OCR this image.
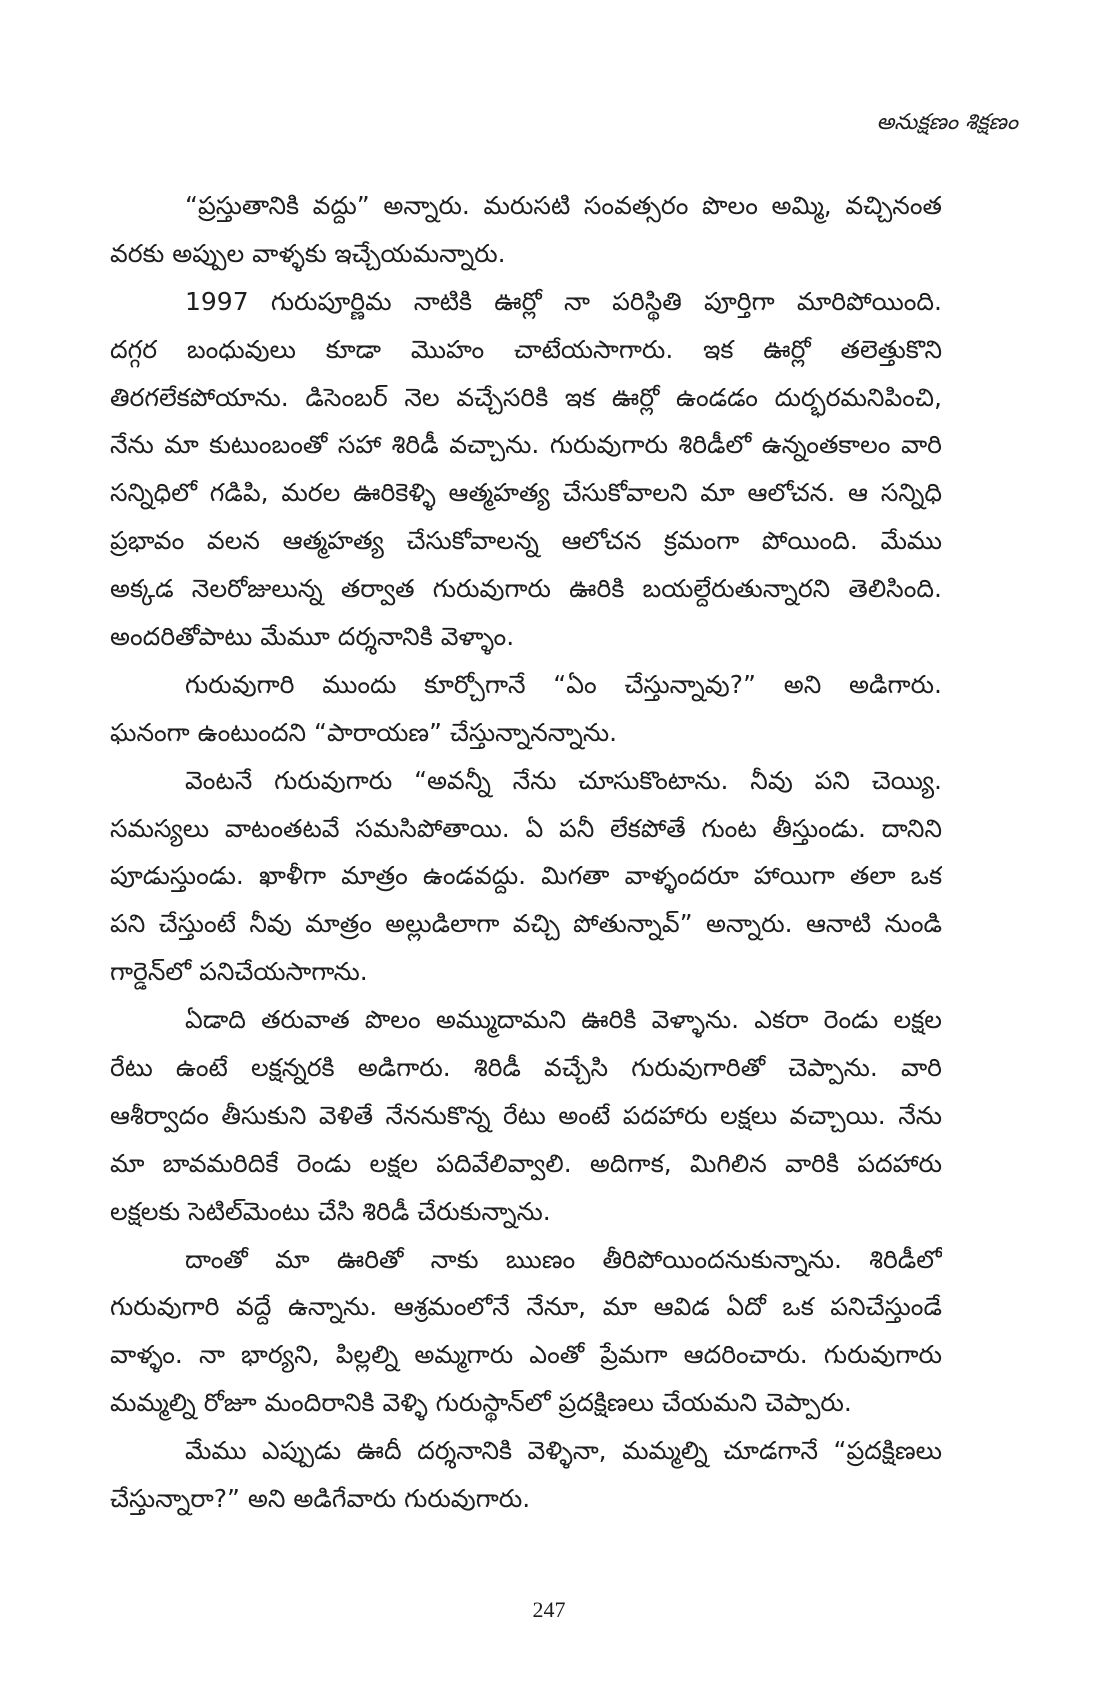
అనుక్షణం శిక్షణం
“ప్రస్తుతానికి వద్దు” అన్నారు. మరుసటి సంవత్సరం పొలం అమ్మి, వచ్చినంత
వరకు అప్పుల వాళ్ళకు ఇచ్చేయమన్నారు.
1997 గురుపూర్ణిమ నాటికి ఊర్లో నా పరిస్థితి పూర్తిగా మారిపోయింది.
దగ్గర బంధువులు కూడా మొహం చాటేయసాగారు. ఇక ఊర్లో తలెత్తుకొని
తిరగలేకపోయాను. డిసెంబర్ నెల వచ్చేసరికి ఇక ఊర్లో ఉండడం దుర్భరమనిపించి,
నేను మా కుటుంబంతో సహా శిరిడీ వచ్చాను. గురువుగారు శిరిడీలో ఉన్నంతకాలం వారి
సన్నిధిలో గడిపి, మరల ఊరికెళ్ళి ఆత్మహత్య చేసుకోవాలని మా ఆలోచన. ఆ సన్నిధి
ప్రభావం వలన ఆత్మహత్య చేసుకోవాలన్న ఆలోచన క్రమంగా పోయింది. మేము
అక్కడ నెలరోజులున్న తర్వాత గురువుగారు ఊరికి బయల్దేరుతున్నారని తెలిసింది.
అందరితోపాటు మేమూ దర్శనానికి వెళ్ళాం.
గురువుగారి ముందు కూర్చోగానే “ఏం చేస్తున్నావు?” అని అడిగారు.
ఘనంగా ఉంటుందని “పారాయణ” చేస్తున్నానన్నాను.
వెంటనే గురువుగారు “అవన్నీ నేను చూసుకొంటాను. నీవు పని చెయ్యి.
సమస్యలు వాటంతటవే సమసిపోతాయి. ఏ పనీ లేకపోతే గుంట తీస్తుండు. దానిని
పూడుస్తుండు. ఖాళీగా మాత్రం ఉండవద్దు. మిగతా వాళ్ళందరూ హాయిగా తలా ఒక
పని చేస్తుంటే నీవు మాత్రం అల్లుడిలాగా వచ్చి పోతున్నావ్” అన్నారు. ఆనాటి నుండి
గార్డెన్‌లో పనిచేయసాగాను.
ఏడాది తరువాత పొలం అమ్ముదామని ఊరికి వెళ్ళాను. ఎకరా రెండు లక్షల
రేటు ఉంటే లక్షన్నరకి అడిగారు. శిరిడీ వచ్చేసి గురువుగారితో చెప్పాను. వారి
ఆశీర్వాదం తీసుకుని వెళితే నేననుకొన్న రేటు అంటే పదహారు లక్షలు వచ్చాయి. నేను
మా బావమరిదికే రెండు లక్షల పదివేలివ్వాలి. అదిగాక, మిగిలిన వారికి పదహారు
లక్షలకు సెటిల్‌మెంటు చేసి శిరిడీ చేరుకున్నాను.
దాంతో మా ఊరితో నాకు ఋణం తీరిపోయిందనుకున్నాను. శిరిడీలో
గురువుగారి వద్దే ఉన్నాను. ఆశ్రమంలోనే నేనూ, మా ఆవిడ ఏదో ఒక పనిచేస్తుండే
వాళ్ళం. నా భార్యని, పిల్లల్ని అమ్మగారు ఎంతో ప్రేమగా ఆదరించారు. గురువుగారు
మమ్మల్ని రోజూ మందిరానికి వెళ్ళి గురుస్థాన్‌లో ప్రదక్షిణలు చేయమని చెప్పారు.
మేము ఎప్పుడు ఊదీ దర్శనానికి వెళ్ళినా, మమ్మల్ని చూడగానే “ప్రదక్షిణలు
చేస్తున్నారా?” అని అడిగేవారు గురువుగారు.
247
